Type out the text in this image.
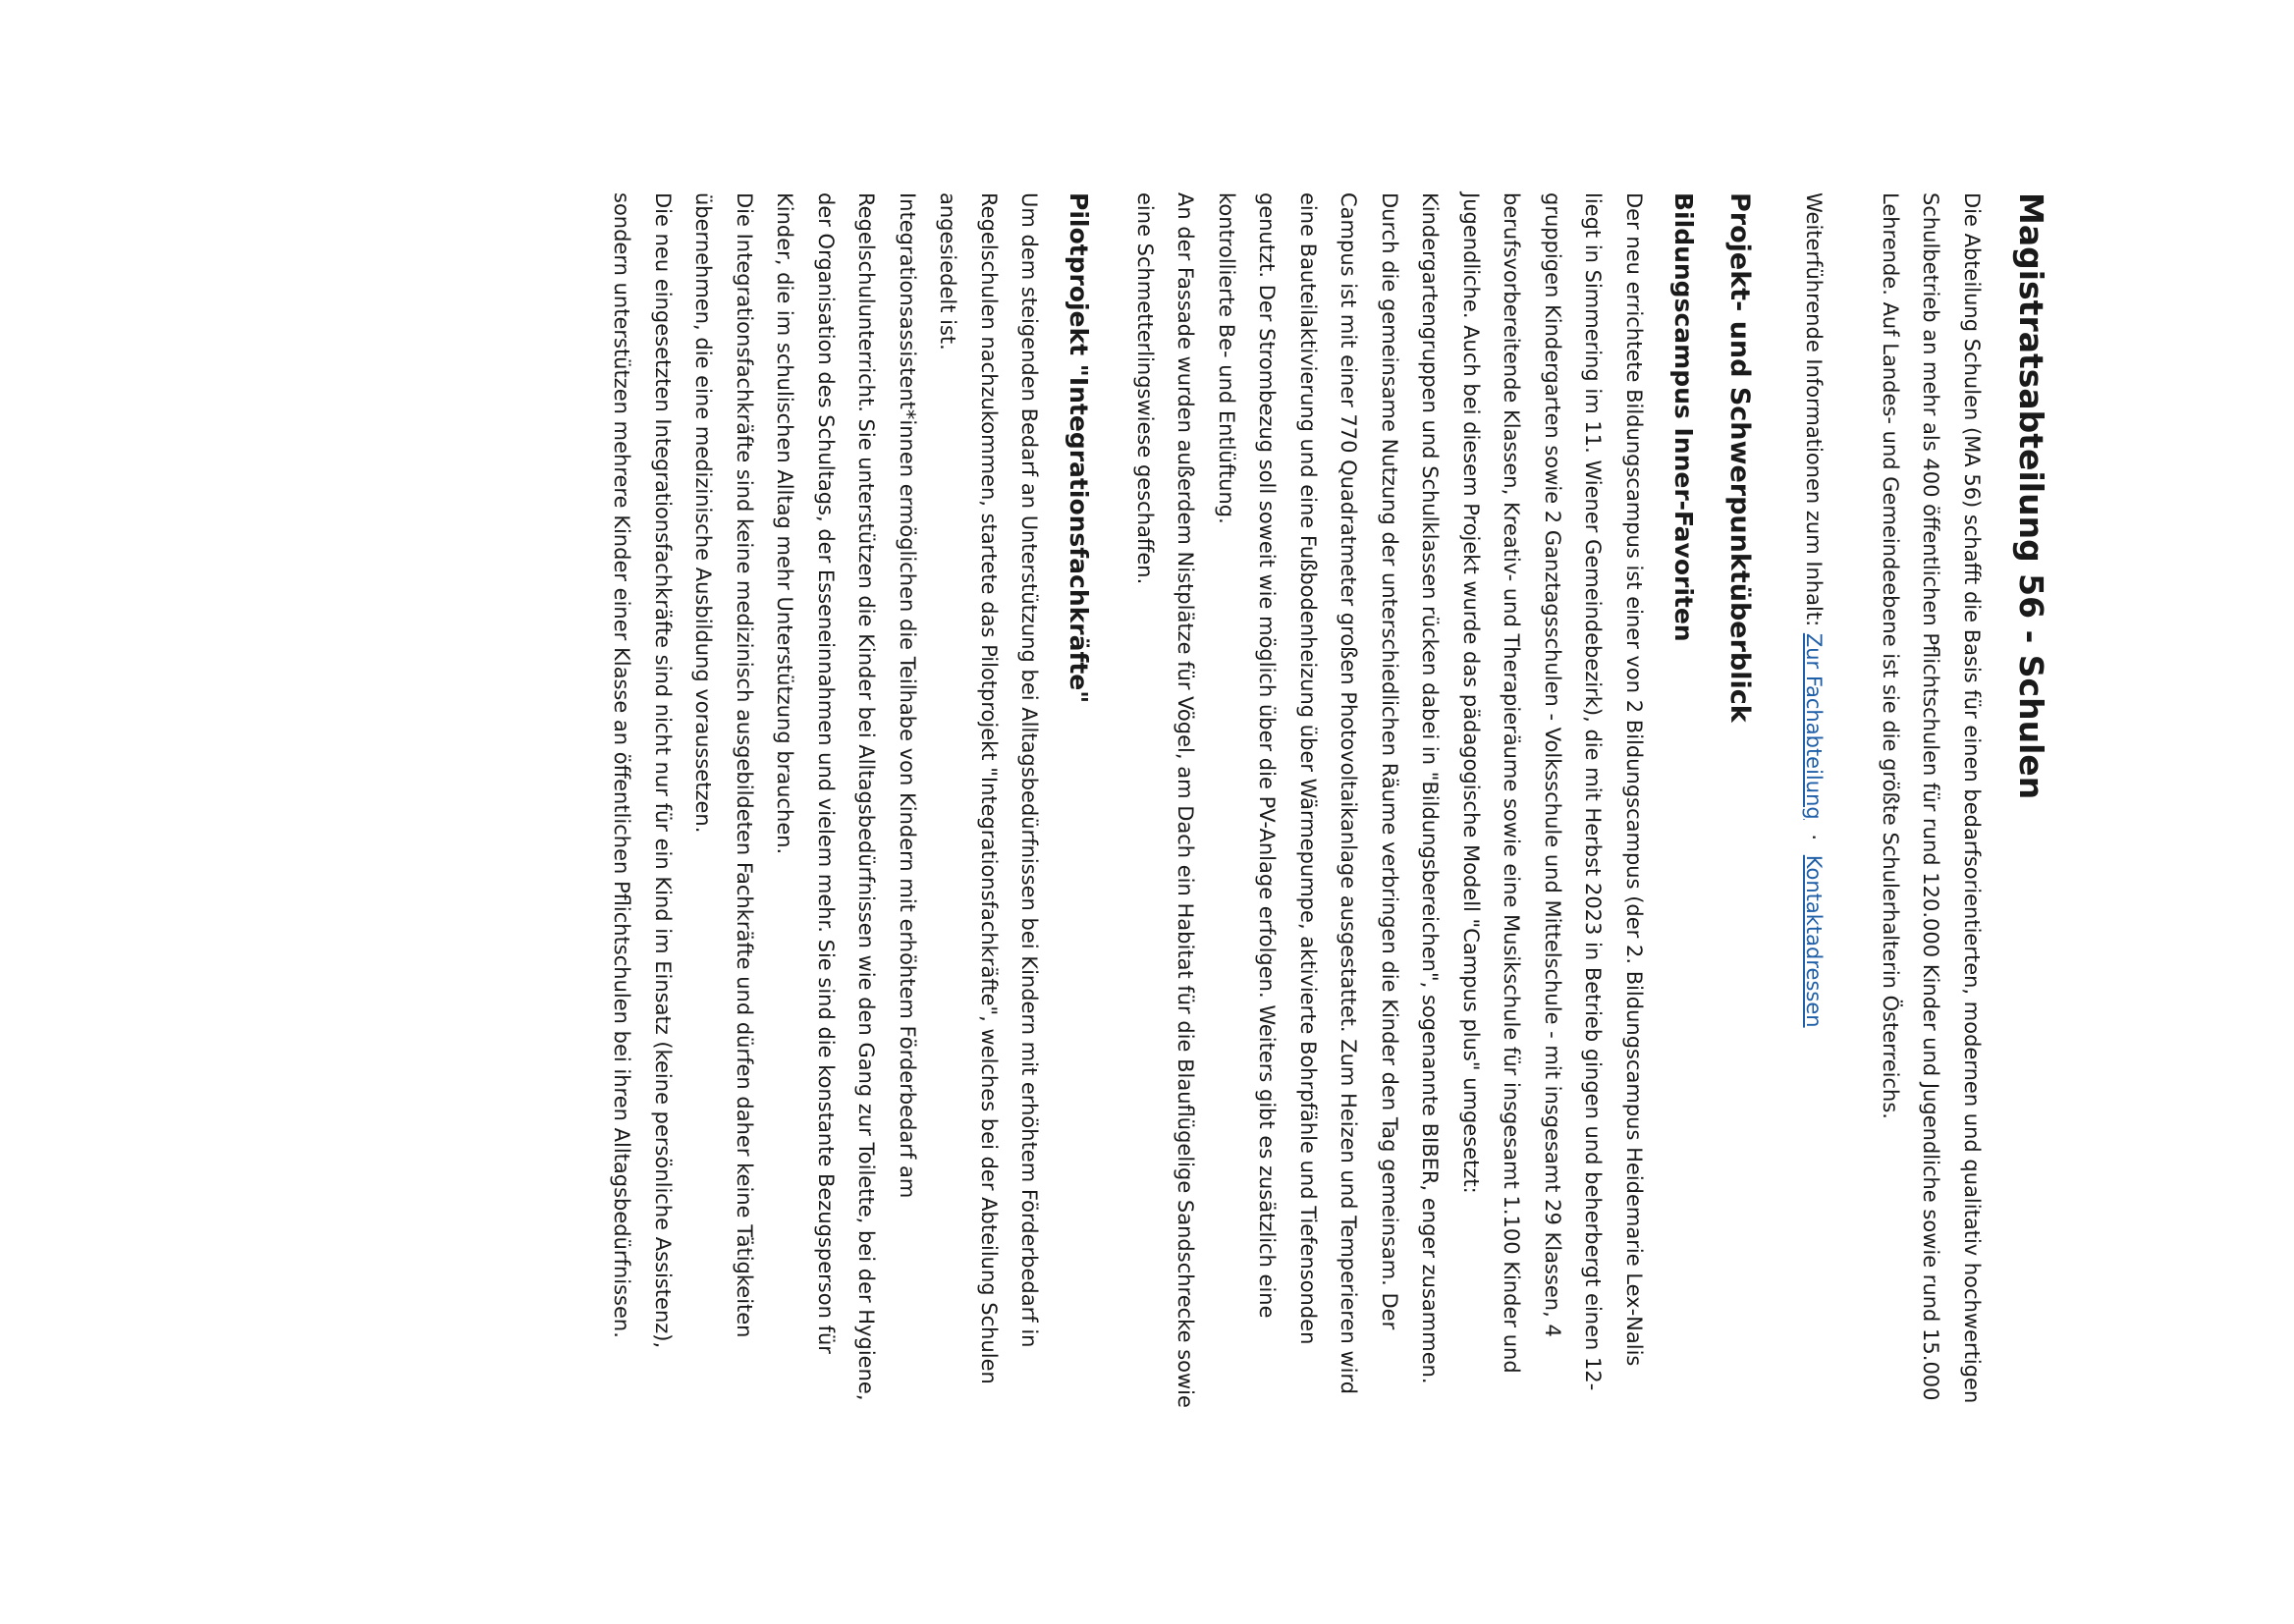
Magistratsabteilung 56 - Schulen

Die Abteilung Schulen (MA 56) schafft die Basis für einen bedarfsorientierten, modernen und qualitativ hochwertigen Schulbetrieb an mehr als 400 öffentlichen Pflichtschulen für rund 120.000 Kinder und Jugendliche sowie rund 15.000 Lehrende. Auf Landes- und Gemeindeebene ist sie die größte Schulerhalterin Österreichs.

Weiterführende Informationen zum Inhalt: Zur Fachabteilung · Kontaktadressen

Projekt- und Schwerpunktüberblick
Bildungscampus Inner-Favoriten

Der neu errichtete Bildungscampus ist einer von 2 Bildungscampus (der 2. Bildungscampus Heidemarie Lex-Nalis liegt in Simmering im 11. Wiener Gemeindebezirk), die mit Herbst 2023 in Betrieb gingen und beherbergt einen 12-gruppigen Kindergarten sowie 2 Ganztagsschulen - Volksschule und Mittelschule - mit insgesamt 29 Klassen, 4 berufsvorbereitende Klassen, Kreativ- und Therapieräume sowie eine Musikschule für insgesamt 1.100 Kinder und Jugendliche. Auch bei diesem Projekt wurde das pädagogische Modell "Campus plus" umgesetzt: Kindergartengruppen und Schulklassen rücken dabei in "Bildungsbereichen", sogenannte BIBER, enger zusammen. Durch die gemeinsame Nutzung der unterschiedlichen Räume verbringen die Kinder den Tag gemeinsam. Der Campus ist mit einer 770 Quadratmeter großen Photovoltaikanlage ausgestattet. Zum Heizen und Temperieren wird eine Bauteilaktivierung und eine Fußbodenheizung über Wärmepumpe, aktivierte Bohrpfähle und Tiefensonden genutzt. Der Strombezug soll soweit wie möglich über die PV-Anlage erfolgen. Weiters gibt es zusätzlich eine kontrollierte Be- und Entlüftung.

An der Fassade wurden außerdem Nistplätze für Vögel, am Dach ein Habitat für die Blauflügelige Sandschrecke sowie eine Schmetterlingswiese geschaffen.

Pilotprojekt "Integrationsfachkräfte"

Um dem steigenden Bedarf an Unterstützung bei Alltagsbedürfnissen bei Kindern mit erhöhtem Förderbedarf in Regelschulen nachzukommen, startete das Pilotprojekt "Integrationsfachkräfte", welches bei der Abteilung Schulen angesiedelt ist.

Integrationsassistent*innen ermöglichen die Teilhabe von Kindern mit erhöhtem Förderbedarf am Regelschulunterricht. Sie unterstützen die Kinder bei Alltagsbedürfnissen wie den Gang zur Toilette, bei der Hygiene, der Organisation des Schultags, der Esseneinnahmen und vielem mehr. Sie sind die konstante Bezugsperson für Kinder, die im schulischen Alltag mehr Unterstützung brauchen.

Die Integrationsfachkräfte sind keine medizinisch ausgebildeten Fachkräfte und dürfen daher keine Tätigkeiten übernehmen, die eine medizinische Ausbildung voraussetzen.

Die neu eingesetzten Integrationsfachkräfte sind nicht nur für ein Kind im Einsatz (keine persönliche Assistenz), sondern unterstützen mehrere Kinder einer Klasse an öffentlichen Pflichtschulen bei ihren Alltagsbedürfnissen.
